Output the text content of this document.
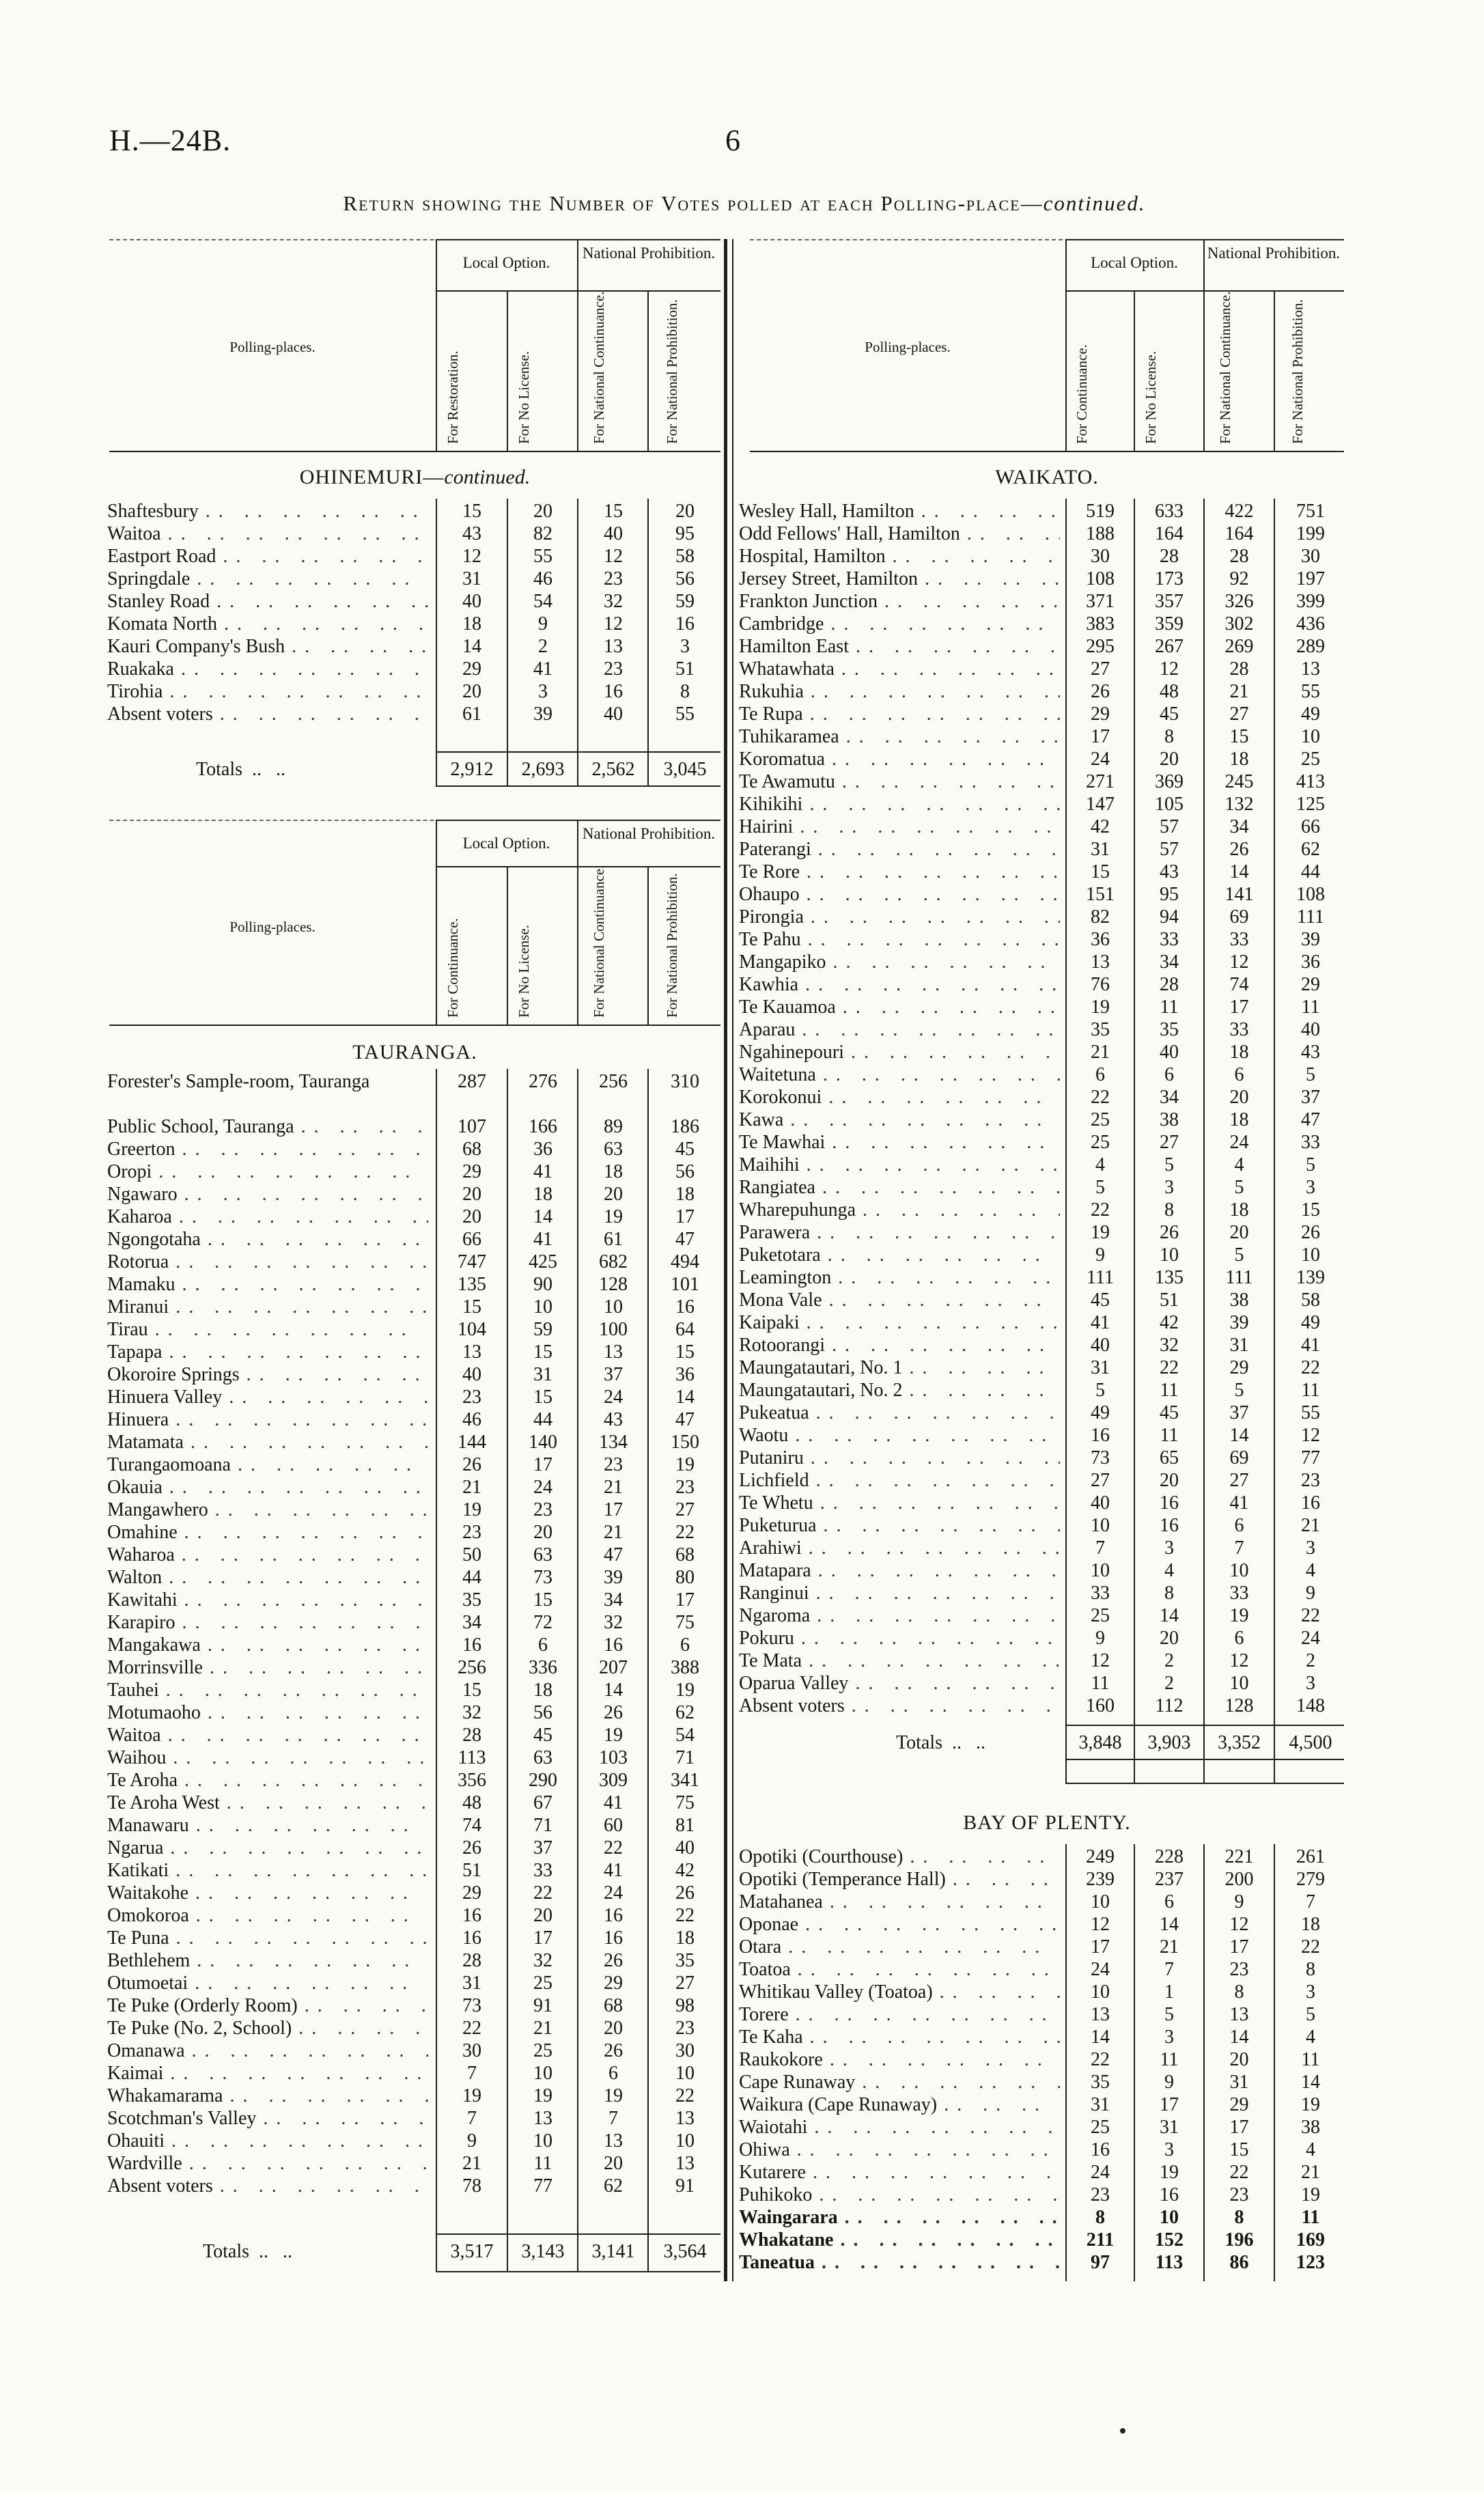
H.—24B.	6
Return showing the Number of Votes polled at each Polling-place—continued.
Local Option.
National Prohibition.
Polling-places.
For Restoration.	For No License.	For National Continuance.	For National Prohibition.
OHINEMURI—continued.
Shaftesbury .. ..	15	20	15	20
Waitoa .. ..	43	82	40	95
Eastport Road .. ..	12	55	12	58
Springdale .. ..	31	46	23	56
Stanley Road .. ..	40	54	32	59
Komata North .. ..	18	9	12	16
Kauri Company's Bush .. ..	14	2	13	3
Ruakaka .. ..	29	41	23	51
Tirohia .. ..	20	3	16	8
Absent voters .. ..	61	39	40	55
Totals ..	2,912	2,693	2,562	3,045
Local Option.
National Prohibition.
Polling-places.	For Continuance.	For No License.	For National Continuance.	For National Prohibition.
TAURANGA.
Forester's Sample-room, Tauranga	287	276	256	310
Public School, Tauranga .. ..	107	166	89	186
Greerton .. ..	68	36	63	45
Oropi .. ..	29	41	18	56
Ngawaro .. ..	20	18	20	18
Kaharoa .. ..	20	14	19	17
Ngongotaha .. ..	66	41	61	47
Rotorua .. ..	747	425	682	494
Mamaku .. ..	135	90	128	101
Miranui .. ..	15	10	10	16
Tirau .. ..	104	59	100	64
Tapapa .. ..	13	15	13	15
Okoroire Springs .. ..	40	31	37	36
Hinuera Valley .. ..	23	15	24	14
Hinuera .. ..	46	44	43	47
Matamata .. ..	144	140	134	150
Turangaomoana .. ..	26	17	23	19
Okauia .. ..	21	24	21	23
Mangawhero .. ..	19	23	17	27
Omahine .. ..	23	20	21	22
Waharoa .. ..	50	63	47	68
Walton .. ..	44	73	39	80
Kawitahi .. ..	35	15	34	17
Karapiro .. ..	34	72	32	75
Mangakawa .. ..	16	6	16	6
Morrinsville .. ..	256	336	207	388
Tauhei .. ..	15	18	14	19
Motumaoho .. ..	32	56	26	62
Waitoa .. ..	28	45	19	54
Waihou .. ..	113	63	103	71
Te Aroha .. ..	356	290	309	341
Te Aroha West .. ..	48	67	41	75
Manawaru .. ..	74	71	60	81
Ngarua .. ..	26	37	22	40
Katikati .. ..	51	33	41	42
Waitakohe .. ..	29	22	24	26
Omokoroa .. ..	16	20	16	22
Te Puna .. ..	16	17	16	18
Bethlehem .. ..	28	32	26	35
Otumoetai .. ..	31	25	29	27
Te Puke (Orderly Room) .. ..	73	91	68	98
Te Puke (No. 2, School) .. ..	22	21	20	23
Omanawa .. ..	30	25	26	30
Kaimai .. ..	7	10	6	10
Whakamarama .. ..	19	19	19	22
Scotchman's Valley .. ..	7	13	7	13
Ohauiti .. ..	9	10	13	10
Wardville .. ..	21	11	20	13
Absent voters .. ..	78	77	62	91
Totals ..	3,517	3,143	3,141	3,564
Local Option.
National Prohibition.
Polling-places.	For Continuance.	For No License.	For National Continuance.	For National Prohibition.
WAIKATO.
Wesley Hall, Hamilton .. ..	519	633	422	751
Odd Fellows' Hall, Hamilton .. ..	188	164	164	199
Hospital, Hamilton .. ..	30	28	28	30
Jersey Street, Hamilton .. ..	108	173	92	197
Frankton Junction .. ..	371	357	326	399
Cambridge .. ..	383	359	302	436
Hamilton East .. ..	295	267	269	289
Whatawhata .. ..	27	12	28	13
Rukuhia .. ..	26	48	21	55
Te Rupa .. ..	29	45	27	49
Tuhikaramea .. ..	17	8	15	10
Koromatua .. ..	24	20	18	25
Te Awamutu .. ..	271	369	245	413
Kihikihi .. ..	147	105	132	125
Hairini .. ..	42	57	34	66
Paterangi .. ..	31	57	26	62
Te Rore .. ..	15	43	14	44
Ohaupo .. ..	151	95	141	108
Pirongia .. ..	82	94	69	111
Te Pahu .. ..	36	33	33	39
Mangapiko .. ..	13	34	12	36
Kawhia .. ..	76	28	74	29
Te Kauamoa .. ..	19	11	17	11
Aparau .. ..	35	35	33	40
Ngahinepouri .. ..	21	40	18	43
Waitetuna .. ..	6	6	6	5
Korokonui .. ..	22	34	20	37
Kawa .. ..	25	38	18	47
Te Mawhai .. ..	25	27	24	33
Maihihi .. ..	4	5	4	5
Rangiatea .. ..	5	3	5	3
Wharepuhunga .. ..	22	8	18	15
Parawera .. ..	19	26	20	26
Puketotara .. ..	9	10	5	10
Leamington .. ..	111	135	111	139
Mona Vale .. ..	45	51	38	58
Kaipaki .. ..	41	42	39	49
Rotoorangi .. ..	40	32	31	41
Maungatautari, No. 1 .. ..	31	22	29	22
Maungatautari, No. 2 .. ..	5	11	5	11
Pukeatua .. ..	49	45	37	55
Waotu .. ..	16	11	14	12
Putaniru .. ..	73	65	69	77
Lichfield .. ..	27	20	27	23
Te Whetu .. ..	40	16	41	16
Puketurua .. ..	10	16	6	21
Arahiwi .. ..	7	3	7	3
Matapara .. ..	10	4	10	4
Ranginui .. ..	33	8	33	9
Ngaroma .. ..	25	14	19	22
Pokuru .. ..	9	20	6	24
Te Mata .. ..	12	2	12	2
Oparua Valley .. ..	11	2	10	3
Absent voters .. ..	160	112	128	148
Totals ..	3,848	3,903	3,352	4,500
BAY OF PLENTY.
Opotiki (Courthouse) .. ..	249	228	221	261
Opotiki (Temperance Hall) .. ..	239	237	200	279
Matahanea .. ..	10	6	9	7
Oponae .. ..	12	14	12	18
Otara .. ..	17	21	17	22
Toatoa .. ..	24	7	23	8
Whitikau Valley (Toatoa) .. ..	10	1	8	3
Torere .. ..	13	5	13	5
Te Kaha .. ..	14	3	14	4
Raukokore .. ..	22	11	20	11
Cape Runaway .. ..	35	9	31	14
Waikura (Cape Runaway) .. ..	31	17	29	19
Waiotahi .. ..	25	31	17	38
Ohiwa .. ..	16	3	15	4
Kutarere .. ..	24	19	22	21
Puhikoko .. ..	23	16	23	19
Waingarara .. ..	8	10	8	11
Whakatane .. ..	211	152	196	169
Taneatua .. ..	97	113	86	123
